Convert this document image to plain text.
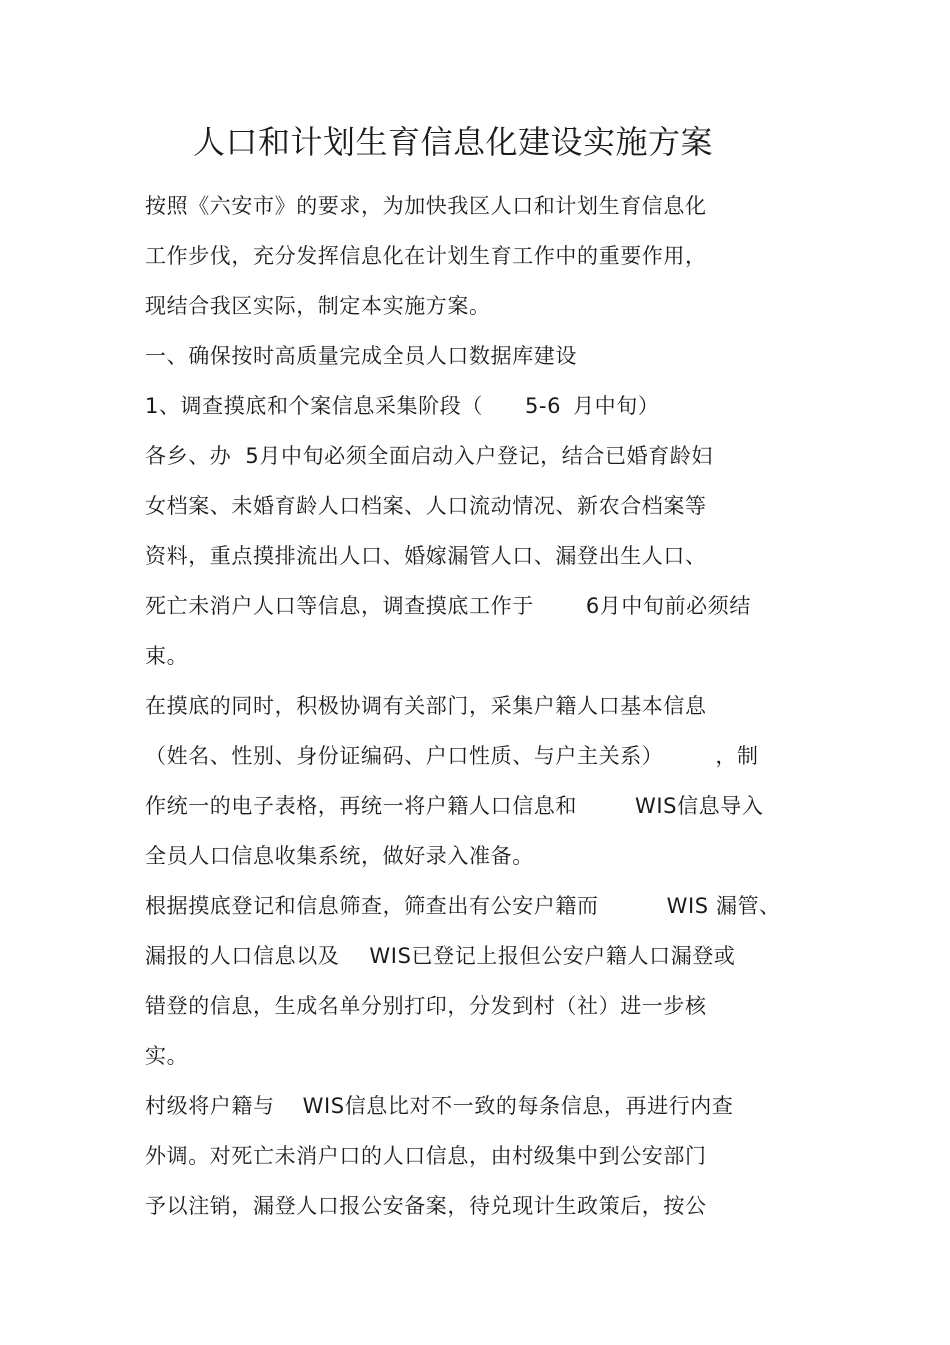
人口和计划生育信息化建设实施方案
按照《六安市》的要求，为加快我区人口和计划生育信息化
工作步伐，充分发挥信息化在计划生育工作中的重要作用，
现结合我区实际，制定本实施方案。
一、确保按时高质量完成全员人口数据库建设
1、调查摸底和个案信息采集阶段（ 5-6 月中旬）
各乡、办 5月中旬必须全面启动入户登记，结合已婚育龄妇
女档案、未婚育龄人口档案、人口流动情况、新农合档案等
资料，重点摸排流出人口、婚嫁漏管人口、漏登出生人口、
死亡未消户人口等信息，调查摸底工作于 6月中旬前必须结
束。
在摸底的同时，积极协调有关部门，采集户籍人口基本信息
（姓名、性别、身份证编码、户口性质、与户主关系） ，制
作统一的电子表格，再统一将户籍人口信息和	WIS信息导入
全员人口信息收集系统，做好录入准备。
根据摸底登记和信息筛查，筛查出有公安户籍而	WIS 漏管、
漏报的人口信息以及 WIS已登记上报但公安户籍人口漏登或
错登的信息，生成名单分别打印，分发到村（社）进一步核
实。
村级将户籍与 WIS信息比对不一致的每条信息，再进行内查
外调。对死亡未消户口的人口信息，由村级集中到公安部门
予以注销，漏登人口报公安备案，待兑现计生政策后，按公
